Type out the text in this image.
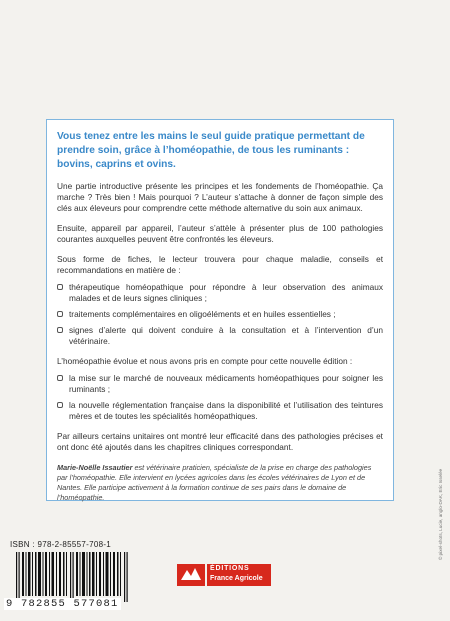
Vous tenez entre les mains le seul guide pratique permettant de prendre soin, grâce à l’homéopathie, de tous les ruminants : bovins, caprins et ovins.

Une partie introductive présente les principes et les fondements de l’homéopathie. Ça marche ? Très bien ! Mais pourquoi ? L’auteur s’attache à donner de façon simple des clés aux éleveurs pour comprendre cette méthode alternative du soin aux animaux.

Ensuite, appareil par appareil, l’auteur s’attèle à présenter plus de 100 pathologies courantes auxquelles peuvent être confrontés les éleveurs.

Sous forme de fiches, le lecteur trouvera pour chaque maladie, conseils et recommandations en matière de :

thérapeutique homéopathique pour répondre à leur observation des animaux malades et de leurs signes cliniques ;
traitements complémentaires en oligoéléments et en huiles essentielles ;
signes d’alerte qui doivent conduire à la consultation et à l’intervention d’un vétérinaire.

L’homéopathie évolue et nous avons pris en compte pour cette nouvelle édition :

la mise sur le marché de nouveaux médicaments homéopathiques pour soigner les ruminants ;
la nouvelle réglementation française dans la disponibilité et l’utilisation des teintures mères et de toutes les spécialités homéopathiques.

Par ailleurs certains unitaires ont montré leur efficacité dans des pathologies précises et ont donc été ajoutés dans les chapitres cliniques correspondant.

Marie-Noëlle Issautier est vétérinaire praticien, spécialiste de la prise en charge des pathologies par l’homéopathie. Elle intervient en lycées agricoles dans les écoles vétérinaires de Lyon et de Nantes. Elle participe activement à la formation continue de ses pairs dans le domaine de l’homéopathie.
ISBN : 978-2-85557-708-1
9 782855 577081
ÉDITIONS
France Agricole
© pixel-shots, Lucie, anglo-DAK, Eric Isselée
